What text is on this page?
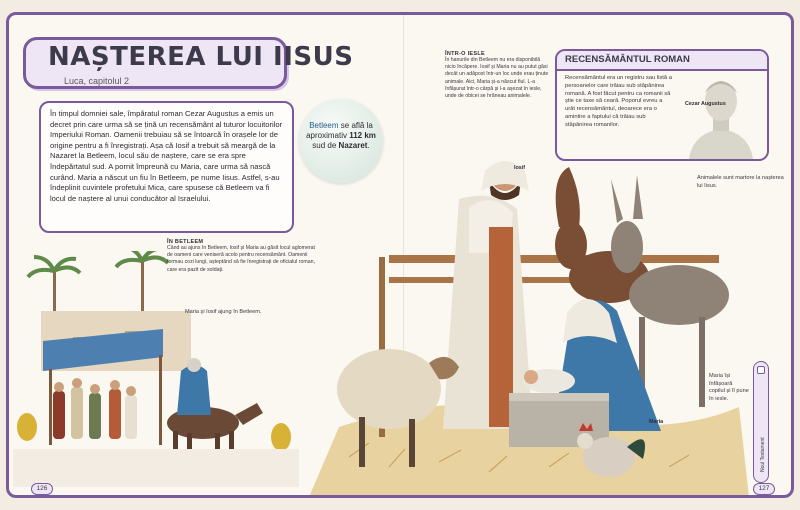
NAȘTEREA LUI IISUS
Luca, capitolul 2

În timpul domniei sale, împăratul roman Cezar Augustus a emis un decret prin care urma să se țină un recensământ al tuturor locuitorilor Imperiului Roman. Oamenii trebuiau să se întoarcă în orașele lor de origine pentru a fi înregistrați. Așa că Iosif a trebuit să meargă de la Nazaret la Betleem, locul său de naștere, care se era spre îndepărtatul sud. A pornit împreună cu Maria, care urma să nască curând. Maria a născut un fiu în Betleem, pe nume Iisus. Astfel, s-au îndeplinit cuvintele profetului Mica, care spusese că Betleem va fi locul de naștere al unui conducător al Israelului.

ÎN BETLEEM
Când au ajuns în Betleem, Iosif și Maria au găsit locul aglomerat de oameni care veniseră acolo pentru recensământ. Oamenii formau cozi lungi, așteptând să fie înregistrați de oficialul roman, care era pazit de soldați.
Maria și Iosif ajung în Betleem.
Betleem se află la aproximativ 112 km sud de Nazaret.
ÎNTR-O IESLE
În hanurile din Betleem nu era disponibilă nicio încăpere. Iosif și Maria nu au putut găsi decât un adăpost într-un loc unde erau ținute animale. Aici, Maria și-a născut fiul. L-a înfășurat într-o cârpă și l-a așezat în iesle, unde de obicei se hrăneau animalele.
RECENSĂMÂNTUL ROMAN
Recensământul era un registru sau listă a persoanelor care trăiau sub stăpânirea romană. A fost făcut pentru ca romanii să știe ce taxe să ceară. Poporul evreu a urât recensământul, deoarece era o amintire a faptului că trăiau sub stăpânirea romanilor.
Cezar Augustus
Iosif
Maria
Animalele sunt martore la nașterea lui Iisus.
Maria își înfășoară copilul și îl pune în iesle.
Noul Testament
126	127
